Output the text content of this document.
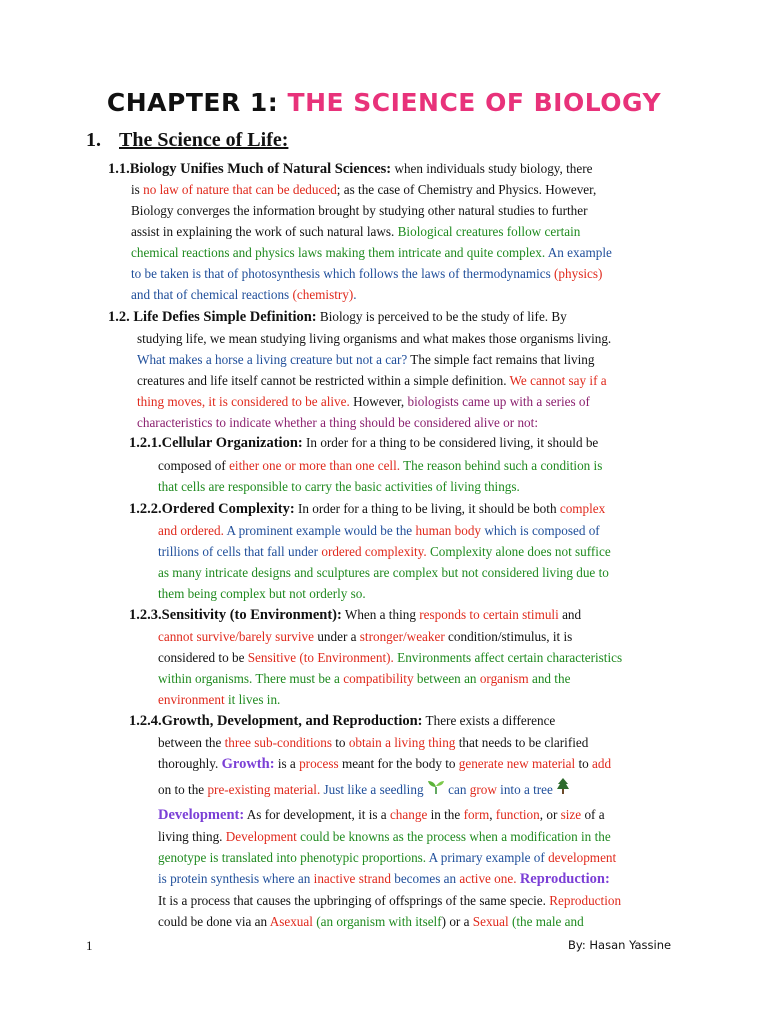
CHAPTER 1: THE SCIENCE OF BIOLOGY
1. The Science of Life:

1.1.Biology Unifies Much of Natural Sciences: when individuals study biology, there

is no law of nature that can be deduced; as the case of Chemistry and Physics. However,

Biology converges the information brought by studying other natural studies to further

assist in explaining the work of such natural laws. Biological creatures follow certain

chemical reactions and physics laws making them intricate and quite complex. An example

to be taken is that of photosynthesis which follows the laws of thermodynamics (physics)

and that of chemical reactions (chemistry).

1.2. Life Defies Simple Definition: Biology is perceived to be the study of life. By

studying life, we mean studying living organisms and what makes those organisms living.

What makes a horse a living creature but not a car? The simple fact remains that living

creatures and life itself cannot be restricted within a simple definition. We cannot say if a

thing moves, it is considered to be alive. However, biologists came up with a series of

characteristics to indicate whether a thing should be considered alive or not:

1.2.1.Cellular Organization: In order for a thing to be considered living, it should be

composed of either one or more than one cell. The reason behind such a condition is

that cells are responsible to carry the basic activities of living things.

1.2.2.Ordered Complexity: In order for a thing to be living, it should be both complex

and ordered. A prominent example would be the human body which is composed of

trillions of cells that fall under ordered complexity. Complexity alone does not suffice

as many intricate designs and sculptures are complex but not considered living due to

them being complex but not orderly so.

1.2.3.Sensitivity (to Environment): When a thing responds to certain stimuli and

cannot survive/barely survive under a stronger/weaker condition/stimulus, it is

considered to be Sensitive (to Environment). Environments affect certain characteristics

within organisms. There must be a compatibility between an organism and the

environment it lives in.

1.2.4.Growth, Development, and Reproduction: There exists a difference

between the three sub-conditions to obtain a living thing that needs to be clarified

thoroughly. Growth: is a process meant for the body to generate new material to add

on to the pre-existing material. Just like a seedling  can grow into a tree

Development: As for development, it is a change in the form, function, or size of a

living thing. Development could be knowns as the process when a modification in the

genotype is translated into phenotypic proportions. A primary example of development

is protein synthesis where an inactive strand becomes an active one. Reproduction:

It is a process that causes the upbringing of offsprings of the same specie. Reproduction

could be done via an Asexual (an organism with itself) or a Sexual (the male and

1	By: Hasan Yassine
